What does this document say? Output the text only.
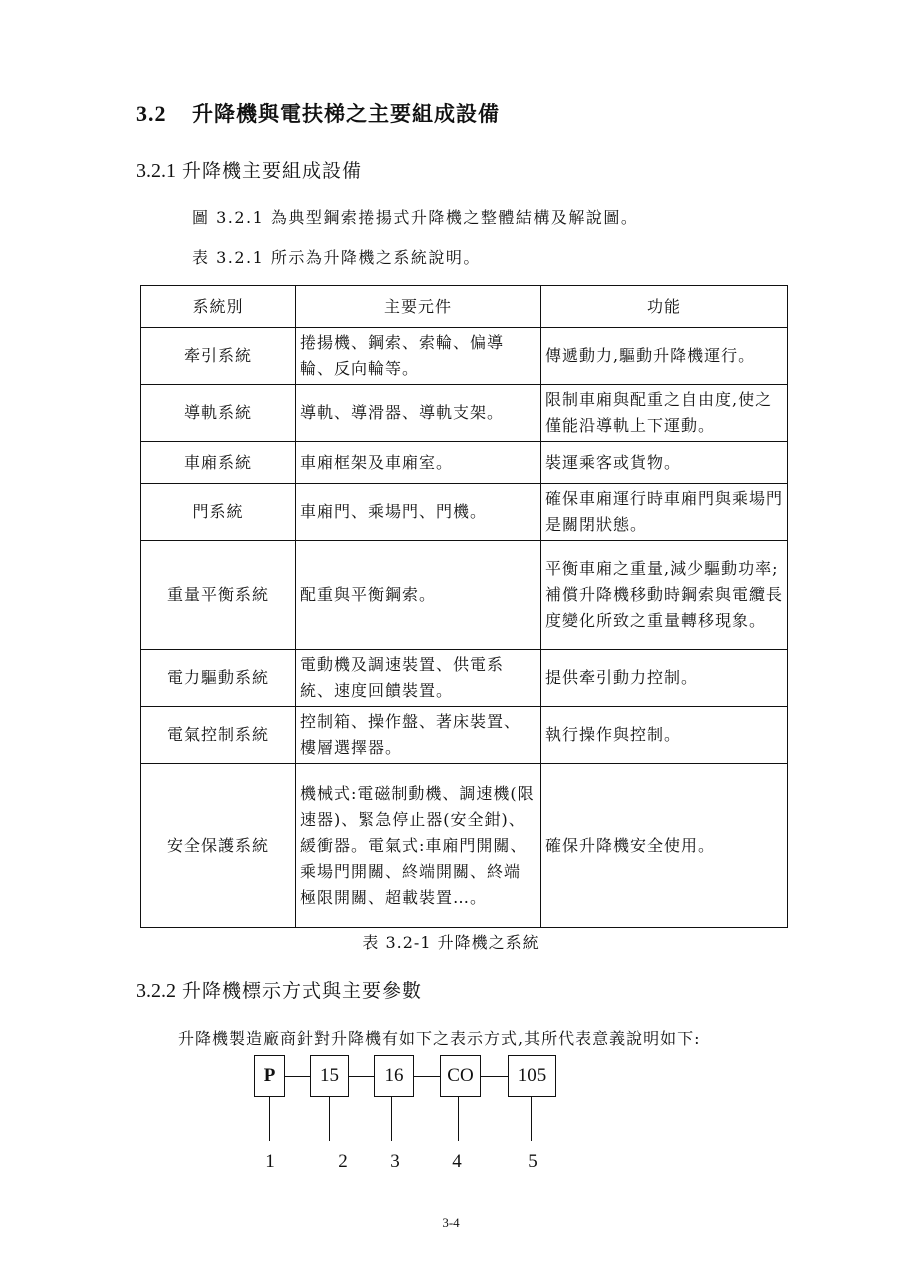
3.2 升降機與電扶梯之主要組成設備
3.2.1 升降機主要組成設備
圖 3.2.1 為典型鋼索捲揚式升降機之整體結構及解說圖。
表 3.2.1 所示為升降機之系統說明。
系統別	主要元件	功能
牽引系統	捲揚機、鋼索、索輪、偏導輪、反向輪等。	傳遞動力,驅動升降機運行。
導軌系統	導軌、導滑器、導軌支架。	限制車廂與配重之自由度,使之僅能沿導軌上下運動。
車廂系統	車廂框架及車廂室。	裝運乘客或貨物。
門系統	車廂門、乘場門、門機。	確保車廂運行時車廂門與乘場門是關閉狀態。
重量平衡系統	配重與平衡鋼索。	平衡車廂之重量,減少驅動功率;補償升降機移動時鋼索與電纜長度變化所致之重量轉移現象。
電力驅動系統	電動機及調速裝置、供電系統、速度回饋裝置。	提供牽引動力控制。
電氣控制系統	控制箱、操作盤、著床裝置、樓層選擇器。	執行操作與控制。
安全保護系統	機械式:電磁制動機、調速機(限速器)、緊急停止器(安全鉗)、緩衝器。電氣式:車廂門開關、乘場門開關、終端開關、終端極限開關、超載裝置…。	確保升降機安全使用。
表 3.2-1 升降機之系統
3.2.2 升降機標示方式與主要參數
升降機製造廠商針對升降機有如下之表示方式,其所代表意義說明如下:
P	15	16	CO	105
1	2 3	4	5
3-4
